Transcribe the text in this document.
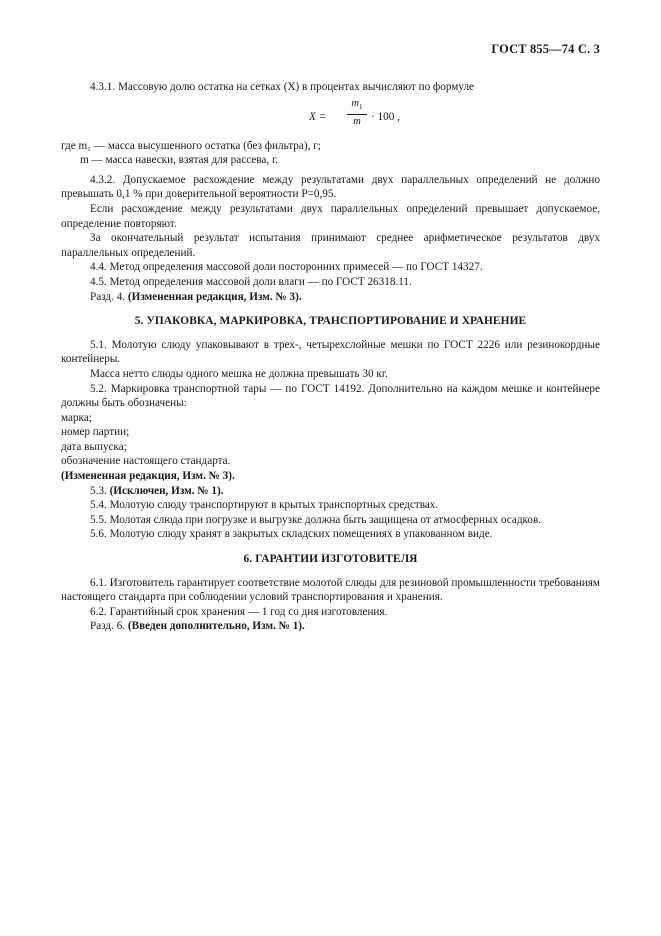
ГОСТ 855—74 С. 3

4.3.1. Массовую долю остатка на сетках (X) в процентах вычисляют по формуле

X =
$m_1$
m · 100 ,

где m₁ — масса высушенного остатка (без фильтра), г;

m — масса навески, взятая для рассева, г.

4.3.2. Допускаемое расхождение между результатами двух параллельных определений не должно превышать 0,1 % при доверительной вероятности P=0,95.

Если расхождение между результатами двух параллельных определений превышает допускаемое, определение повторяют.

За окончательный результат испытания принимают среднее арифметическое результатов двух параллельных определений.

4.4. Метод определения массовой доли посторонних примесей — по ГОСТ 14327.

4.5. Метод определения массовой доли влаги — по ГОСТ 26318.11.

Разд. 4. (Измененная редакция, Изм. № 3).

5. УПАКОВКА, МАРКИРОВКА, ТРАНСПОРТИРОВАНИЕ И ХРАНЕНИЕ

5.1. Молотую слюду упаковывают в трех-, четырехслойные мешки по ГОСТ 2226 или резинокордные контейнеры.

Масса нетто слюды одного мешка не должна превышать 30 кг.

5.2. Маркировка транспортной тары — по ГОСТ 14192. Дополнительно на каждом мешке и контейнере должны быть обозначены:

марка;

номер партии;

дата выпуска;

обозначение настоящего стандарта.

(Измененная редакция, Изм. № 3).

5.3. (Исключен, Изм. № 1).

5.4. Молотую слюду транспортируют в крытых транспортных средствах.

5.5. Молотая слюда при погрузке и выгрузке должна быть защищена от атмосферных осадков.

5.6. Молотую слюду хранят в закрытых складских помещениях в упакованном виде.

6. ГАРАНТИИ ИЗГОТОВИТЕЛЯ

6.1. Изготовитель гарантирует соответствие молотой слюды для резиновой промышленности требованиям настоящего стандарта при соблюдении условий транспортирования и хранения.

6.2. Гарантийный срок хранения — 1 год со дня изготовления.

Разд. 6. (Введен дополнительно, Изм. № 1).
